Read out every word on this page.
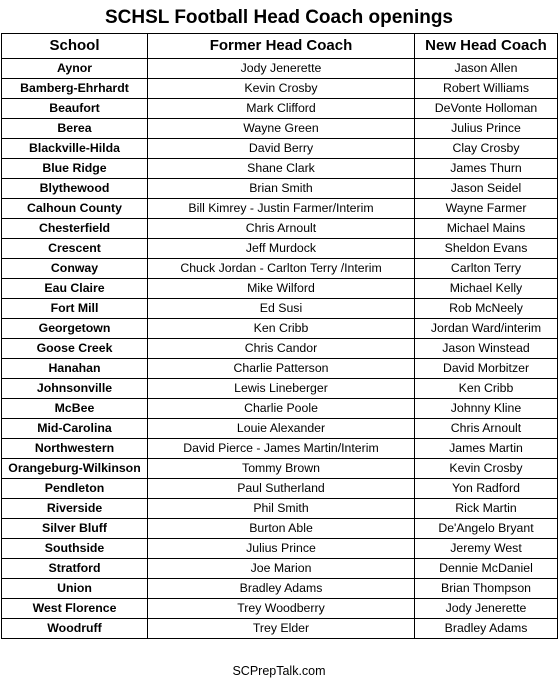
SCHSL Football Head Coach openings
School	Former Head Coach	New Head Coach
Aynor	Jody Jenerette	Jason Allen
Bamberg-Ehrhardt	Kevin Crosby	Robert Williams
Beaufort	Mark Clifford	DeVonte Holloman
Berea	Wayne Green	Julius Prince
Blackville-Hilda	David Berry	Clay Crosby
Blue Ridge	Shane Clark	James Thurn
Blythewood	Brian Smith	Jason Seidel
Calhoun County	Bill Kimrey - Justin Farmer/Interim	Wayne Farmer
Chesterfield	Chris Arnoult	Michael Mains
Crescent	Jeff Murdock	Sheldon Evans
Conway	Chuck Jordan - Carlton Terry /Interim	Carlton Terry
Eau Claire	Mike Wilford	Michael Kelly
Fort Mill	Ed Susi	Rob McNeely
Georgetown	Ken Cribb	Jordan Ward/interim
Goose Creek	Chris Candor	Jason Winstead
Hanahan	Charlie Patterson	David Morbitzer
Johnsonville	Lewis Lineberger	Ken Cribb
McBee	Charlie Poole	Johnny Kline
Mid-Carolina	Louie Alexander	Chris Arnoult
Northwestern	David Pierce - James Martin/Interim	James Martin
Orangeburg-Wilkinson	Tommy Brown	Kevin Crosby
Pendleton	Paul Sutherland	Yon Radford
Riverside	Phil Smith	Rick Martin
Silver Bluff	Burton Able	De'Angelo Bryant
Southside	Julius Prince	Jeremy West
Stratford	Joe Marion	Dennie McDaniel
Union	Bradley Adams	Brian Thompson
West Florence	Trey Woodberry	Jody Jenerette
Woodruff	Trey Elder	Bradley Adams
SCPrepTalk.com
